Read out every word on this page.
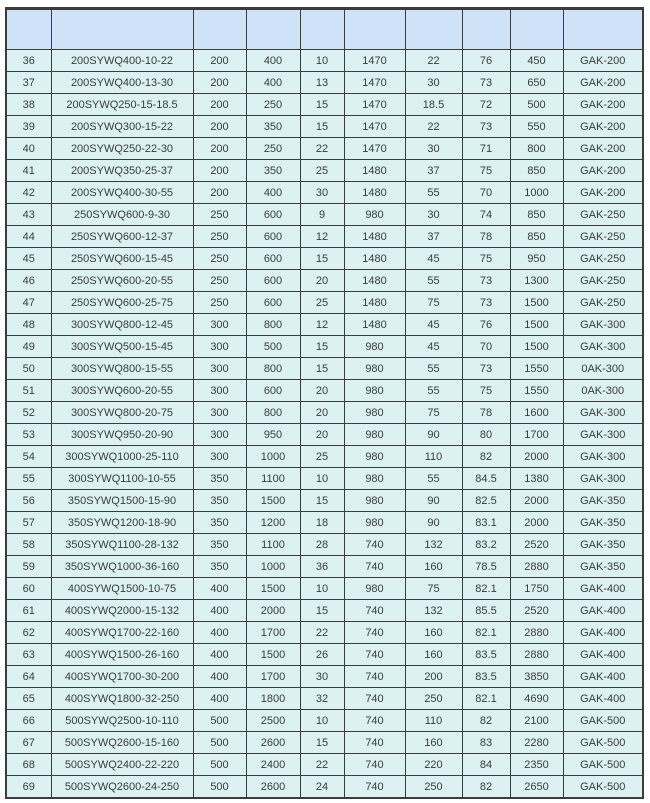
36	200SYWQ400-10-22	200	400	10	1470	22	76	450	GAK-200
37	200SYWQ400-13-30	200	400	13	1470	30	73	650	GAK-200
38	200SYWQ250-15-18.5	200	250	15	1470	18.5	72	500	GAK-200
39	200SYWQ300-15-22	200	350	15	1470	22	73	550	GAK-200
40	200SYWQ250-22-30	200	250	22	1470	30	71	800	GAK-200
41	200SYWQ350-25-37	200	350	25	1480	37	75	850	GAK-200
42	200SYWQ400-30-55	200	400	30	1480	55	70	1000	GAK-200
43	250SYWQ600-9-30	250	600	9	980	30	74	850	GAK-250
44	250SYWQ600-12-37	250	600	12	1480	37	78	850	GAK-250
45	250SYWQ600-15-45	250	600	15	1480	45	75	950	GAK-250
46	250SYWQ600-20-55	250	600	20	1480	55	73	1300	GAK-250
47	250SYWQ600-25-75	250	600	25	1480	75	73	1500	GAK-250
48	300SYWQ800-12-45	300	800	12	1480	45	76	1500	GAK-300
49	300SYWQ500-15-45	300	500	15	980	45	70	1500	GAK-300
50	300SYWQ800-15-55	300	800	15	980	55	73	1550	0AK-300
51	300SYWQ600-20-55	300	600	20	980	55	75	1550	0AK-300
52	300SYWQ800-20-75	300	800	20	980	75	78	1600	GAK-300
53	300SYWQ950-20-90	300	950	20	980	90	80	1700	GAK-300
54	300SYWQ1000-25-110	300	1000	25	980	110	82	2000	GAK-300
55	300SYWQ1100-10-55	350	1100	10	980	55	84.5	1380	GAK-300
56	350SYWQ1500-15-90	350	1500	15	980	90	82.5	2000	GAK-350
57	350SYWQ1200-18-90	350	1200	18	980	90	83.1	2000	GAK-350
58	350SYWQ1100-28-132	350	1100	28	740	132	83.2	2520	GAK-350
59	350SYWQ1000-36-160	350	1000	36	740	160	78.5	2880	GAK-350
60	400SYWQ1500-10-75	400	1500	10	980	75	82.1	1750	GAK-400
61	400SYWQ2000-15-132	400	2000	15	740	132	85.5	2520	GAK-400
62	400SYWQ1700-22-160	400	1700	22	740	160	82.1	2880	GAK-400
63	400SYWQ1500-26-160	400	1500	26	740	160	83.5	2880	GAK-400
64	400SYWQ1700-30-200	400	1700	30	740	200	83.5	3850	GAK-400
65	400SYWQ1800-32-250	400	1800	32	740	250	82.1	4690	GAK-400
66	500SYWQ2500-10-110	500	2500	10	740	110	82	2100	GAK-500
67	500SYWQ2600-15-160	500	2600	15	740	160	83	2280	GAK-500
68	500SYWQ2400-22-220	500	2400	22	740	220	84	2350	GAK-500
69	500SYWQ2600-24-250	500	2600	24	740	250	82	2650	GAK-500
